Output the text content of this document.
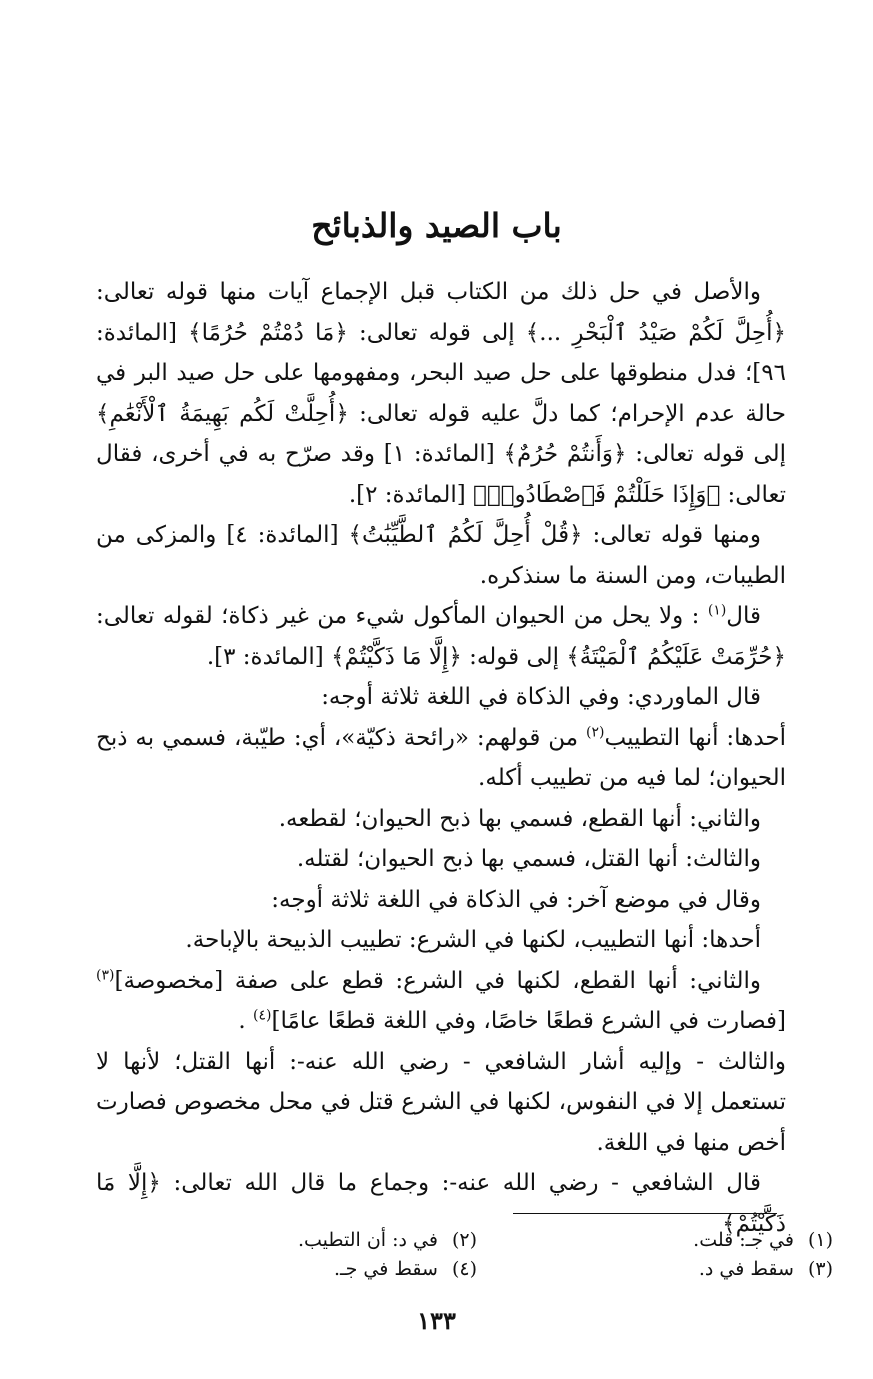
باب الصيد والذبائح

والأصل في حل ذلك من الكتاب قبل الإجماع آيات منها قوله تعالى: ﴿أُحِلَّ لَكُمْ صَيْدُ ٱلْبَحْرِ ...﴾ إلى قوله تعالى: ﴿مَا دُمْتُمْ حُرُمًا﴾ [المائدة: ٩٦]؛ فدل منطوقها على حل صيد البحر، ومفهومها على حل صيد البر في حالة عدم الإحرام؛ كما دلَّ عليه قوله تعالى: ﴿أُحِلَّتْ لَكُم بَهِيمَةُ ٱلْأَنْعَٰمِ﴾ إلى قوله تعالى: ﴿وَأَنتُمْ حُرُمٌ﴾ [المائدة: ١] وقد صرّح به في أخرى، فقال تعالى: ﴿وَإِذَا حَلَلْتُمْ فَٱصْطَادُوا۟﴾ [المائدة: ٢].

ومنها قوله تعالى: ﴿قُلْ أُحِلَّ لَكُمُ ٱلطَّيِّبَٰتُ﴾ [المائدة: ٤] والمزكى من الطيبات، ومن السنة ما سنذكره.

قال$^{(١)}$ : ولا يحل من الحيوان المأكول شيء من غير ذكاة؛ لقوله تعالى: ﴿حُرِّمَتْ عَلَيْكُمُ ٱلْمَيْتَةُ﴾ إلى قوله: ﴿إِلَّا مَا ذَكَّيْتُمْ﴾ [المائدة: ٣].

قال الماوردي: وفي الذكاة في اللغة ثلاثة أوجه:

أحدها: أنها التطييب$^{(٢)}$ من قولهم: «رائحة ذكيّة»، أي: طيّبة، فسمي به ذبح الحيوان؛ لما فيه من تطييب أكله.

والثاني: أنها القطع، فسمي بها ذبح الحيوان؛ لقطعه.

والثالث: أنها القتل، فسمي بها ذبح الحيوان؛ لقتله.

وقال في موضع آخر: في الذكاة في اللغة ثلاثة أوجه:

أحدها: أنها التطييب، لكنها في الشرع: تطييب الذبيحة بالإباحة.

والثاني: أنها القطع، لكنها في الشرع: قطع على صفة [مخصوصة]$^{(٣)}$ [فصارت في الشرع قطعًا خاصًا، وفي اللغة قطعًا عامًا]$^{(٤)}$ .

والثالث - وإليه أشار الشافعي - رضي الله عنه-: أنها القتل؛ لأنها لا تستعمل إلا في النفوس، لكنها في الشرع قتل في محل مخصوص فصارت أخص منها في اللغة.

قال الشافعي - رضي الله عنه-: وجماع ما قال الله تعالى: ﴿إِلَّا مَا ذَكَّيْتُمْ﴾

(١)في جـ: قلت.
(٢)في د: أن التطيب.
(٣)سقط في د.
(٤)سقط في جـ.
١٣٣
